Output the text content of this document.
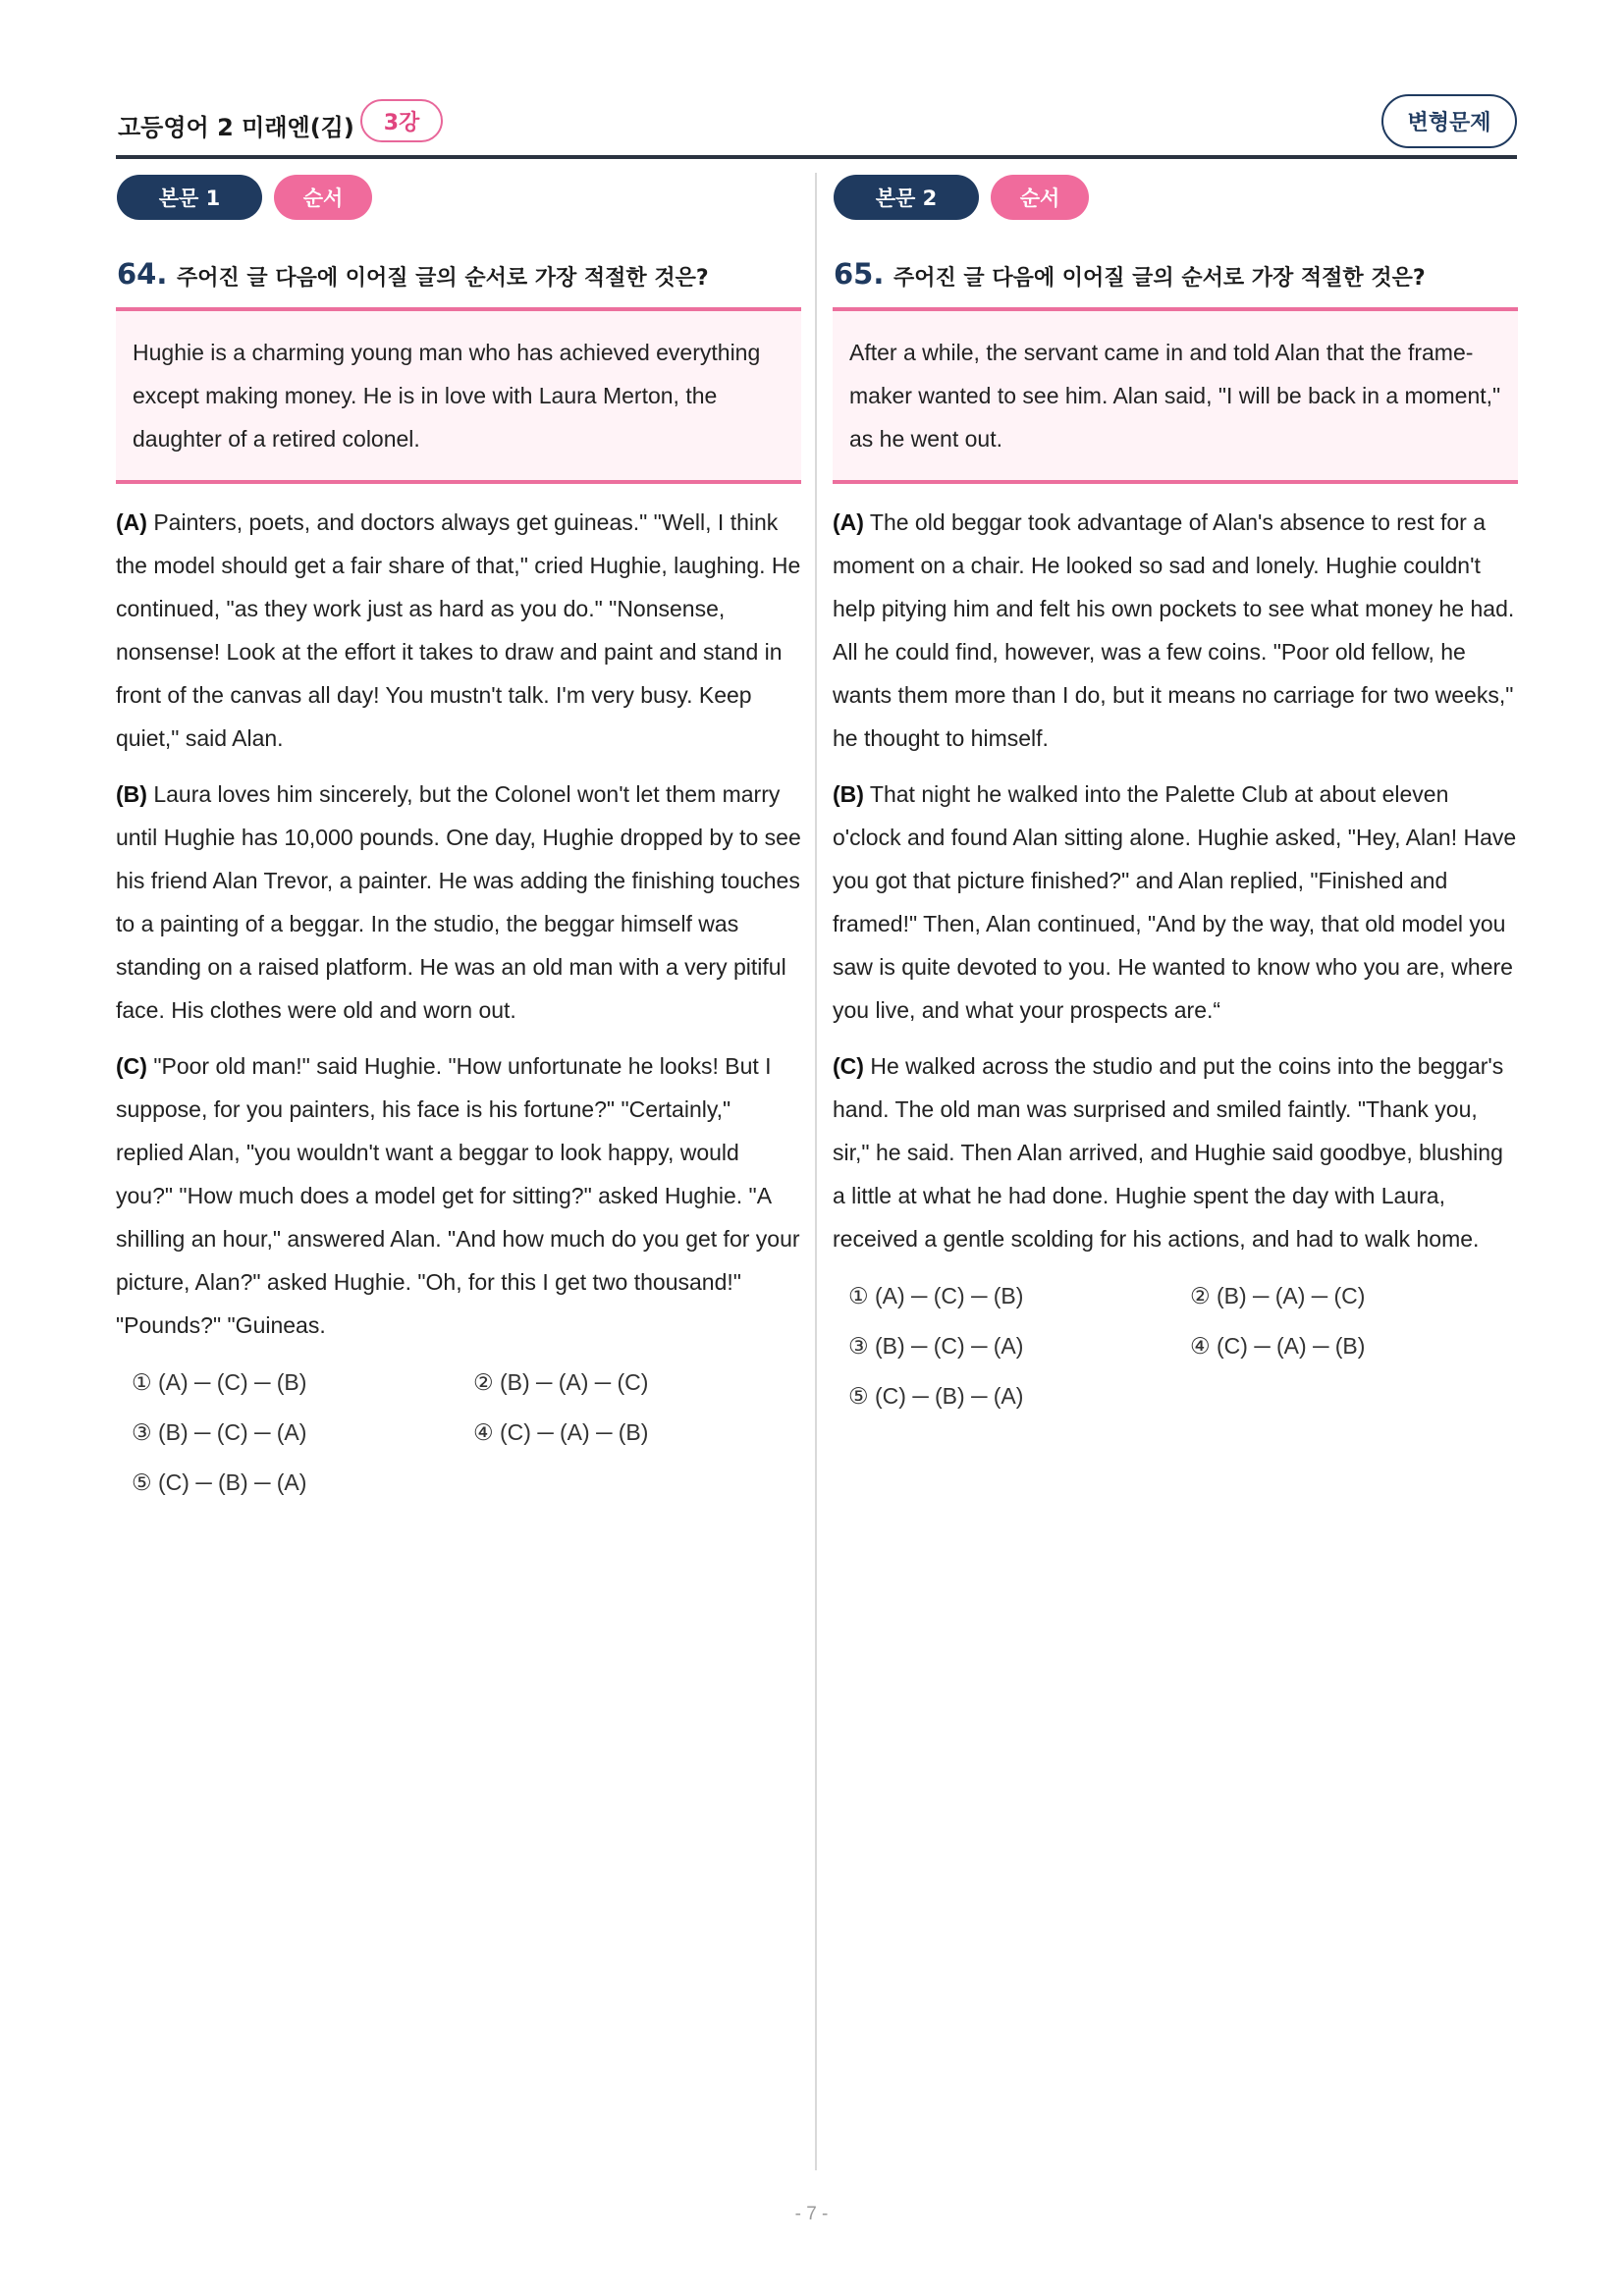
고등영어 2 미래엔(김)	3강	변형문제
본문 1	순서
64. 주어진 글 다음에 이어질 글의 순서로 가장 적절한 것은?
Hughie is a charming young man who has achieved everything except making money. He is in love with Laura Merton, the daughter of a retired colonel.

(A) Painters, poets, and doctors always get guineas." "Well, I think the model should get a fair share of that," cried Hughie, laughing. He continued, "as they work just as hard as you do." "Nonsense, nonsense! Look at the effort it takes to draw and paint and stand in front of the canvas all day! You mustn't talk. I'm very busy. Keep quiet," said Alan.

(B) Laura loves him sincerely, but the Colonel won't let them marry until Hughie has 10,000 pounds. One day, Hughie dropped by to see his friend Alan Trevor, a painter. He was adding the finishing touches to a painting of a beggar. In the studio, the beggar himself was standing on a raised platform. He was an old man with a very pitiful face. His clothes were old and worn out.

(C) "Poor old man!" said Hughie. "How unfortunate he looks! But I suppose, for you painters, his face is his fortune?" "Certainly," replied Alan, "you wouldn't want a beggar to look happy, would you?" "How much does a model get for sitting?" asked Hughie. "A shilling an hour," answered Alan. "And how much do you get for your picture, Alan?" asked Hughie. "Oh, for this I get two thousand!" "Pounds?" "Guineas.

① (A) ─ (C) ─ (B)	② (B) ─ (A) ─ (C)
③ (B) ─ (C) ─ (A)	④ (C) ─ (A) ─ (B)
⑤ (C) ─ (B) ─ (A)
본문 2	순서
65. 주어진 글 다음에 이어질 글의 순서로 가장 적절한 것은?
After a while, the servant came in and told Alan that the frame- maker wanted to see him. Alan said, "I will be back in a moment," as he went out.

(A) The old beggar took advantage of Alan's absence to rest for a moment on a chair. He looked so sad and lonely. Hughie couldn't help pitying him and felt his own pockets to see what money he had. All he could find, however, was a few coins. "Poor old fellow, he wants them more than I do, but it means no carriage for two weeks," he thought to himself.

(B) That night he walked into the Palette Club at about eleven o'clock and found Alan sitting alone. Hughie asked, "Hey, Alan! Have you got that picture finished?" and Alan replied, "Finished and framed!" Then, Alan continued, "And by the way, that old model you saw is quite devoted to you. He wanted to know who you are, where you live, and what your prospects are.“

(C) He walked across the studio and put the coins into the beggar's hand. The old man was surprised and smiled faintly. "Thank you, sir," he said. Then Alan arrived, and Hughie said goodbye, blushing a little at what he had done. Hughie spent the day with Laura, received a gentle scolding for his actions, and had to walk home.

① (A) ─ (C) ─ (B)	② (B) ─ (A) ─ (C)
③ (B) ─ (C) ─ (A)	④ (C) ─ (A) ─ (B)
⑤ (C) ─ (B) ─ (A)
- 7 -
